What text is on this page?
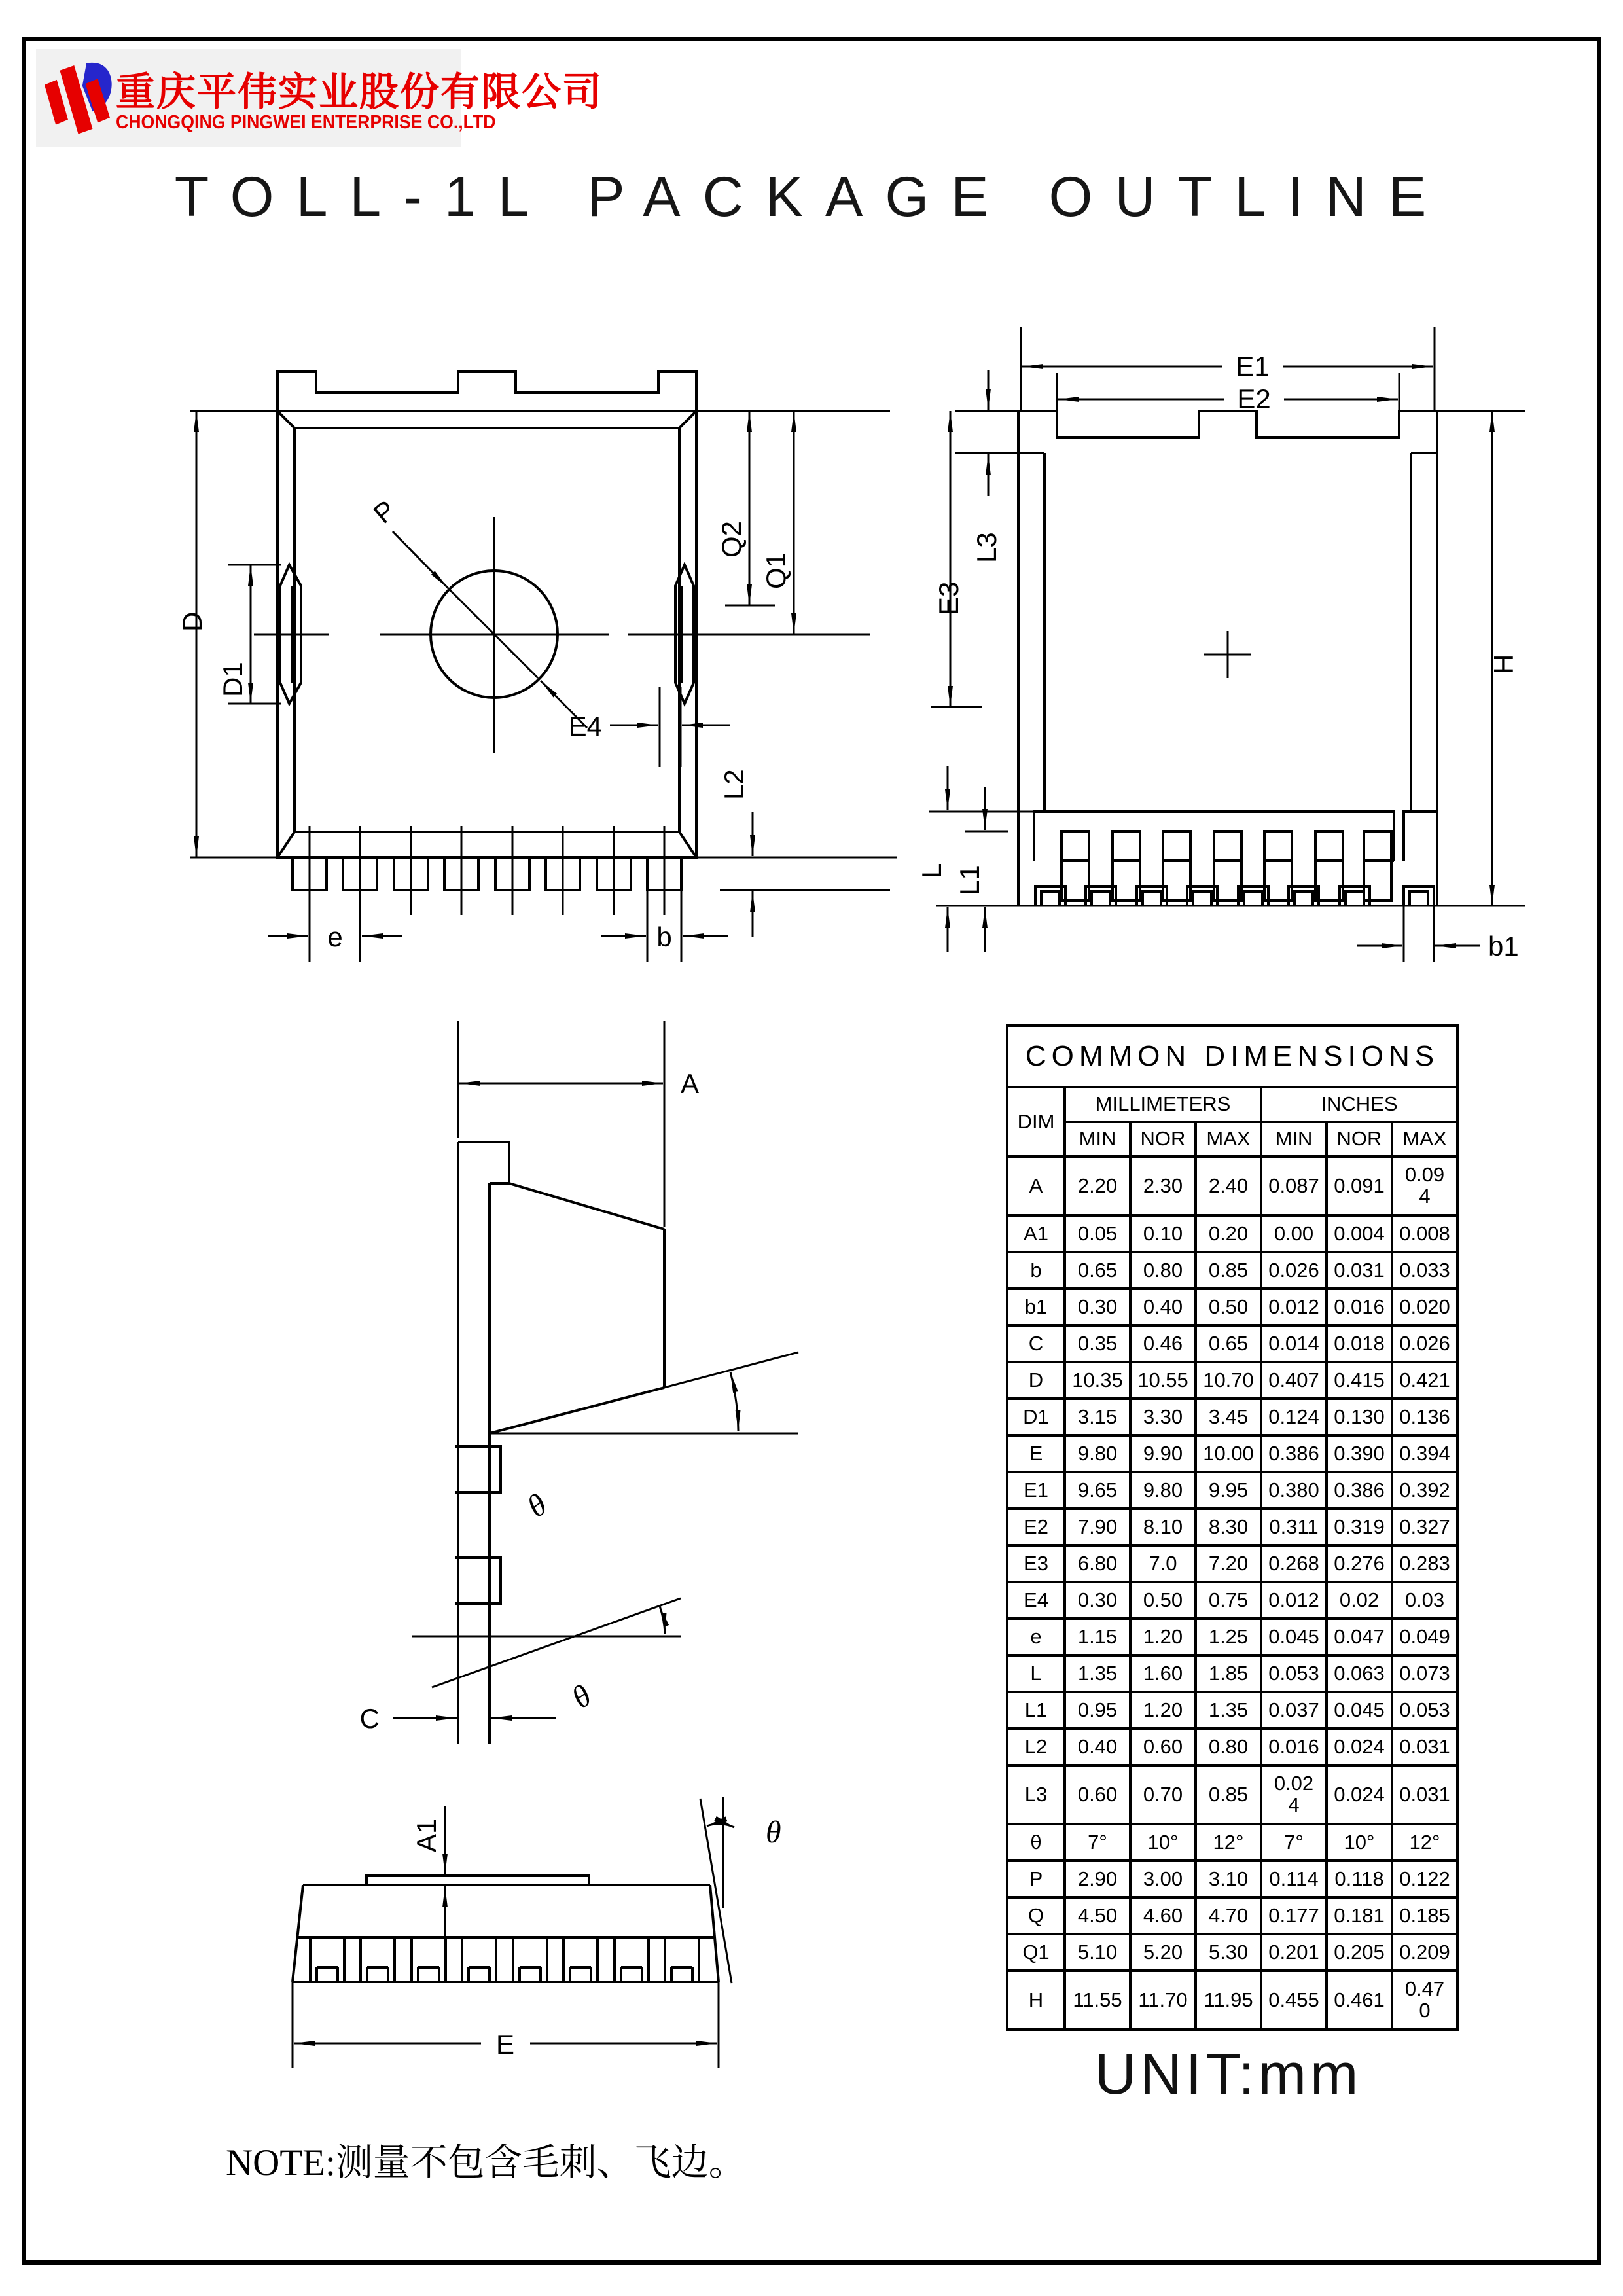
重庆平伟实业股份有限公司
CHONGQING PINGWEI ENTERPRISE CO.,LTD
TOLL-1L PACKAGE OUTLINE
D
D1
P
Q2
Q1
E4
L2
e	b
E1
E2
L3
E3
H
L L1
b1
A
θ
θ
C
A1	θ
E
COMMON DIMENSIONS						
DIM	MILLIMETERS			INCHES		
	MIN	NOR	MAX	MIN	NOR	MAX
A	2.20	2.30	2.40	0.087	0.091	0.094
A1	0.05	0.10	0.20	0.00	0.004	0.008
b	0.65	0.80	0.85	0.026	0.031	0.033
b1	0.30	0.40	0.50	0.012	0.016	0.020
C	0.35	0.46	0.65	0.014	0.018	0.026
D	10.35	10.55	10.70	0.407	0.415	0.421
D1	3.15	3.30	3.45	0.124	0.130	0.136
E	9.80	9.90	10.00	0.386	0.390	0.394
E1	9.65	9.80	9.95	0.380	0.386	0.392
E2	7.90	8.10	8.30	0.311	0.319	0.327
E3	6.80	7.0	7.20	0.268	0.276	0.283
E4	0.30	0.50	0.75	0.012	0.02	0.03
e	1.15	1.20	1.25	0.045	0.047	0.049
L	1.35	1.60	1.85	0.053	0.063	0.073
L1	0.95	1.20	1.35	0.037	0.045	0.053
L2	0.40	0.60	0.80	0.016	0.024	0.031
L3	0.60	0.70	0.85	0.024	0.024	0.031
θ	7°	10°	12°	7°	10°	12°
P	2.90	3.00	3.10	0.114	0.118	0.122
Q	4.50	4.60	4.70	0.177	0.181	0.185
Q1	5.10	5.20	5.30	0.201	0.205	0.209
H	11.55	11.70	11.95	0.455	0.461	0.470
UNIT:mm
NOTE:测量不包含毛刺、飞边。
